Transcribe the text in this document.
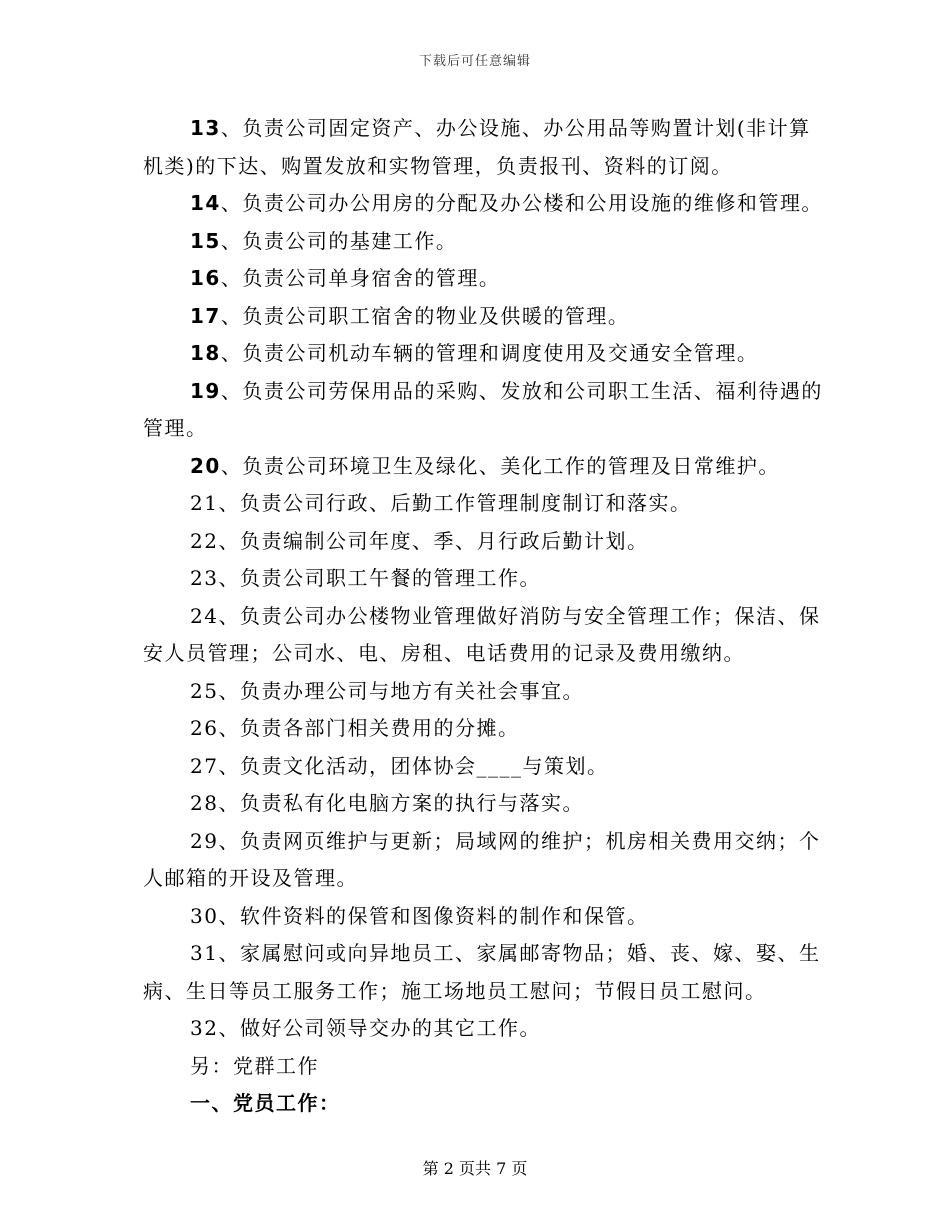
下载后可任意编辑
13、负责公司固定资产、办公设施、办公用品等购置计划(非计算机类)的下达、购置发放和实物管理，负责报刊、资料的订阅。
14、负责公司办公用房的分配及办公楼和公用设施的维修和管理。
15、负责公司的基建工作。
16、负责公司单身宿舍的管理。
17、负责公司职工宿舍的物业及供暖的管理。
18、负责公司机动车辆的管理和调度使用及交通安全管理。
19、负责公司劳保用品的采购、发放和公司职工生活、福利待遇的管理。
20、负责公司环境卫生及绿化、美化工作的管理及日常维护。
21、负责公司行政、后勤工作管理制度制订和落实。
22、负责编制公司年度、季、月行政后勤计划。
23、负责公司职工午餐的管理工作。
24、负责公司办公楼物业管理做好消防与安全管理工作；保洁、保安人员管理；公司水、电、房租、电话费用的记录及费用缴纳。
25、负责办理公司与地方有关社会事宜。
26、负责各部门相关费用的分摊。
27、负责文化活动，团体协会____与策划。
28、负责私有化电脑方案的执行与落实。
29、负责网页维护与更新；局域网的维护；机房相关费用交纳；个人邮箱的开设及管理。
30、软件资料的保管和图像资料的制作和保管。
31、家属慰问或向异地员工、家属邮寄物品；婚、丧、嫁、娶、生病、生日等员工服务工作；施工场地员工慰问；节假日员工慰问。
32、做好公司领导交办的其它工作。
另：党群工作
一、党员工作：
第 2 页共 7 页
